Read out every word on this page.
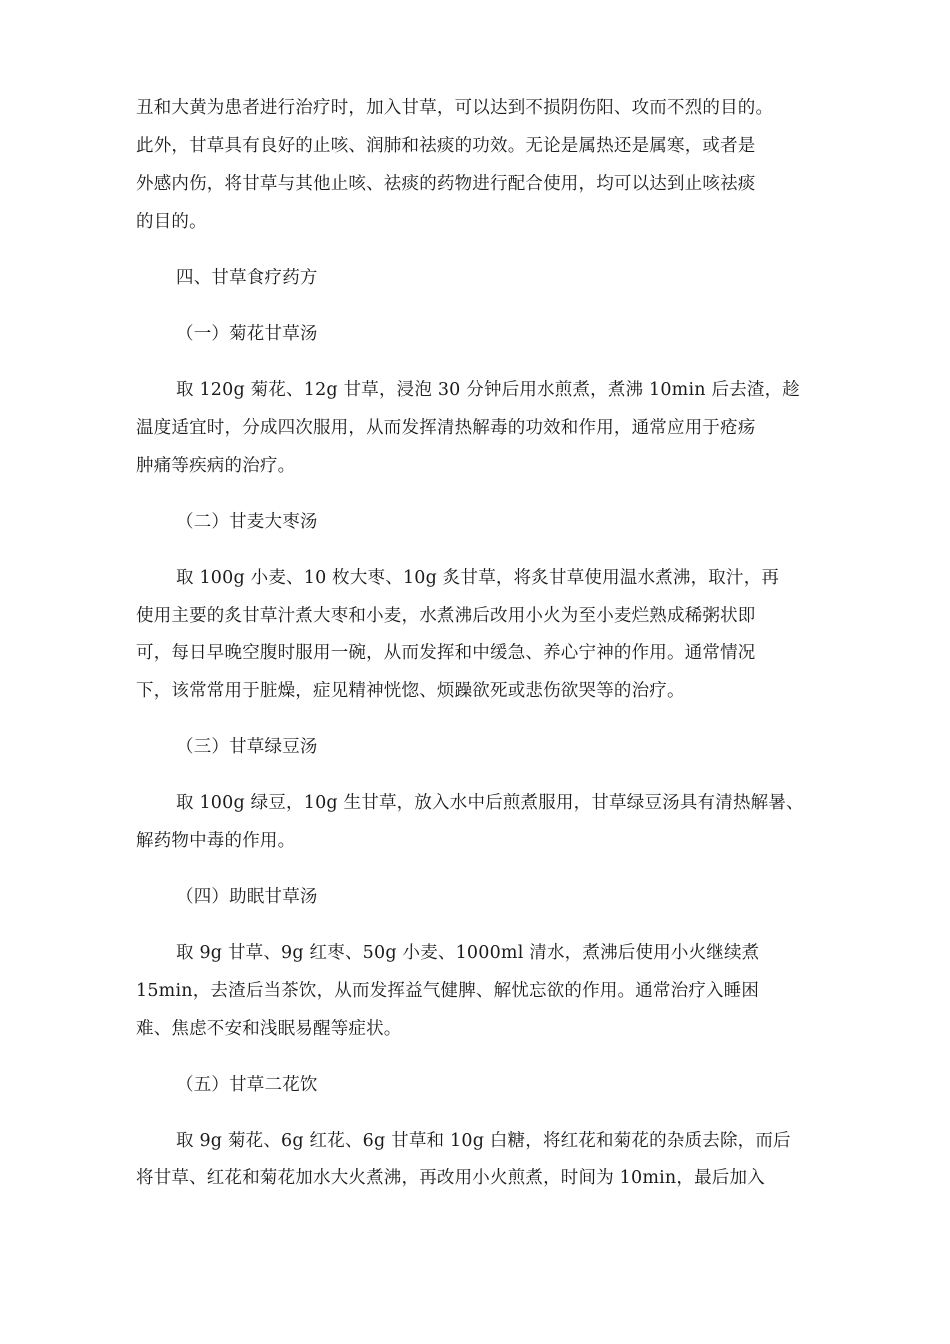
丑和大黄为患者进行治疗时，加入甘草，可以达到不损阴伤阳、攻而不烈的目的。
此外，甘草具有良好的止咳、润肺和祛痰的功效。无论是属热还是属寒，或者是
外感内伤，将甘草与其他止咳、祛痰的药物进行配合使用，均可以达到止咳祛痰
的目的。
四、甘草食疗药方
（一）菊花甘草汤
取 120g 菊花、12g 甘草，浸泡 30 分钟后用水煎煮，煮沸 10min 后去渣，趁
温度适宜时，分成四次服用，从而发挥清热解毒的功效和作用，通常应用于疮疡
肿痛等疾病的治疗。
（二）甘麦大枣汤
取 100g 小麦、10 枚大枣、10g 炙甘草，将炙甘草使用温水煮沸，取汁，再
使用主要的炙甘草汁煮大枣和小麦，水煮沸后改用小火为至小麦烂熟成稀粥状即
可，每日早晚空腹时服用一碗，从而发挥和中缓急、养心宁神的作用。通常情况
下，该常常用于脏燥，症见精神恍惚、烦躁欲死或悲伤欲哭等的治疗。
（三）甘草绿豆汤
取 100g 绿豆，10g 生甘草，放入水中后煎煮服用，甘草绿豆汤具有清热解暑、
解药物中毒的作用。
（四）助眠甘草汤
取 9g 甘草、9g 红枣、50g 小麦、1000ml 清水，煮沸后使用小火继续煮
15min，去渣后当茶饮，从而发挥益气健脾、解忧忘欲的作用。通常治疗入睡困
难、焦虑不安和浅眠易醒等症状。
（五）甘草二花饮
取 9g 菊花、6g 红花、6g 甘草和 10g 白糖，将红花和菊花的杂质去除，而后
将甘草、红花和菊花加水大火煮沸，再改用小火煎煮，时间为 10min，最后加入
